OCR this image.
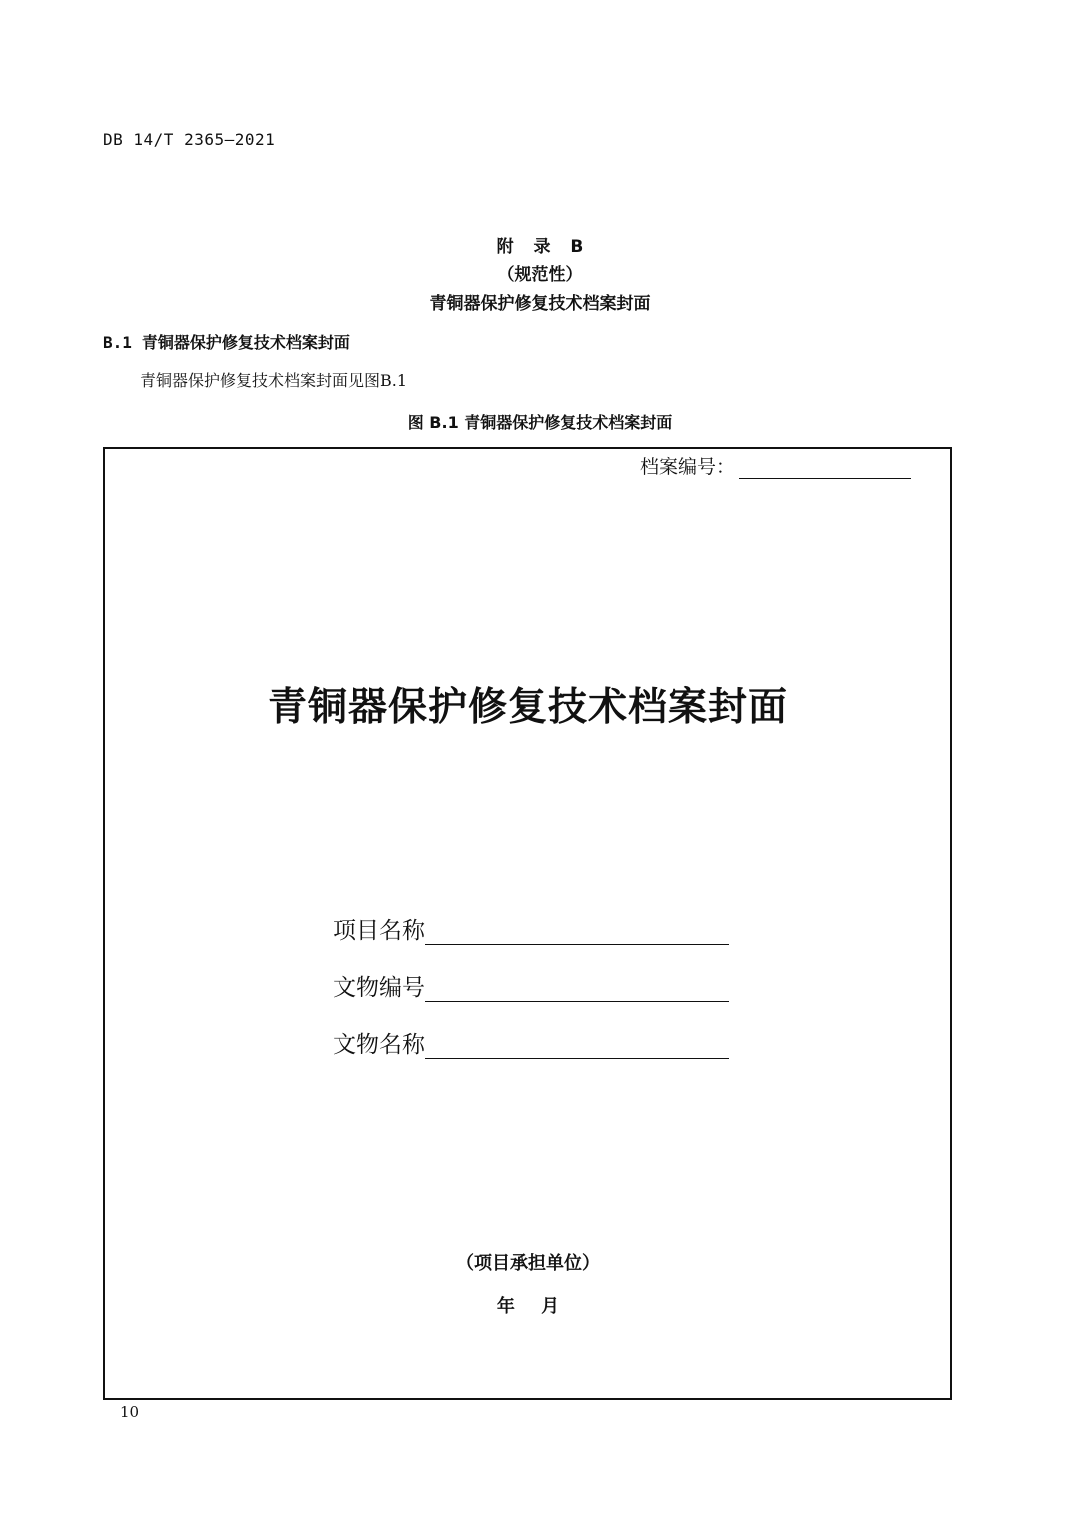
DB 14/T 2365—2021
附 录 B
（规范性）
青铜器保护修复技术档案封面
B.1 青铜器保护修复技术档案封面
青铜器保护修复技术档案封面见图B.1
图 B.1 青铜器保护修复技术档案封面
档案编号：
青铜器保护修复技术档案封面
项目名称
文物编号
文物名称
（项目承担单位）
年 月
10
